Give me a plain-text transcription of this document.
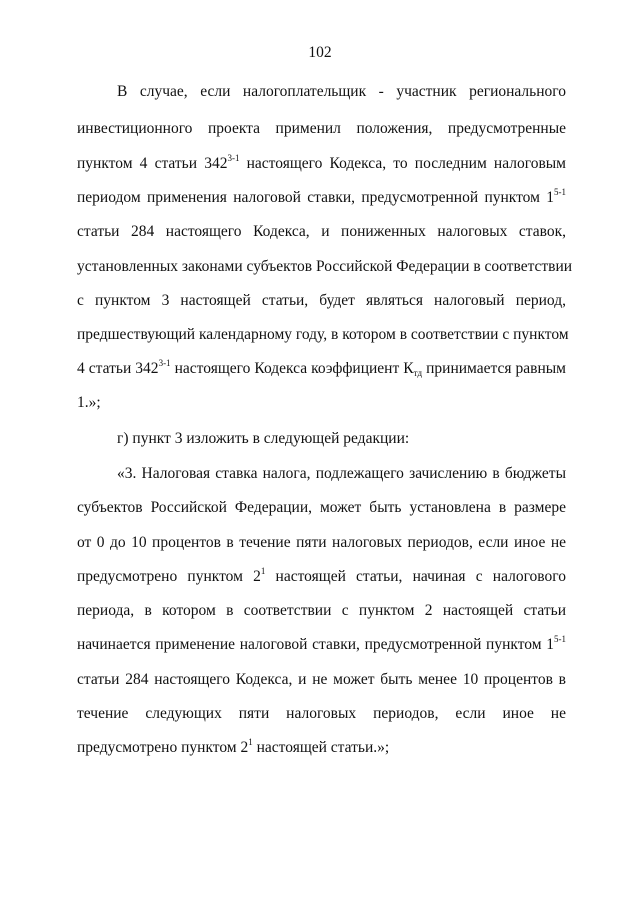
102
В случае, если налогоплательщик - участник регионального
инвестиционного проекта применил положения, предусмотренные
пунктом 4 статьи 342$^{3-1}$ настоящего Кодекса, то последним налоговым
периодом применения налоговой ставки, предусмотренной пунктом 1$^{5-1}$
статьи 284 настоящего Кодекса, и пониженных налоговых ставок,
установленных законами субъектов Российской Федерации в соответствии
с пунктом 3 настоящей статьи, будет являться налоговый период,
предшествующий календарному году, в котором в соответствии с пунктом
4 статьи 342$^{3-1}$ настоящего Кодекса коэффициент $К_{тд}$ принимается равным
1.»;
г) пункт 3 изложить в следующей редакции:
«3. Налоговая ставка налога, подлежащего зачислению в бюджеты
субъектов Российской Федерации, может быть установлена в размере
от 0 до 10 процентов в течение пяти налоговых периодов, если иное не
предусмотрено пунктом $2^1$ настоящей статьи, начиная с налогового
периода, в котором в соответствии с пунктом 2 настоящей статьи
начинается применение налоговой ставки, предусмотренной пунктом 1$^{5-1}$
статьи 284 настоящего Кодекса, и не может быть менее 10 процентов в
течение следующих пяти налоговых периодов, если иное не
предусмотрено пунктом $2^1$ настоящей статьи.»;
